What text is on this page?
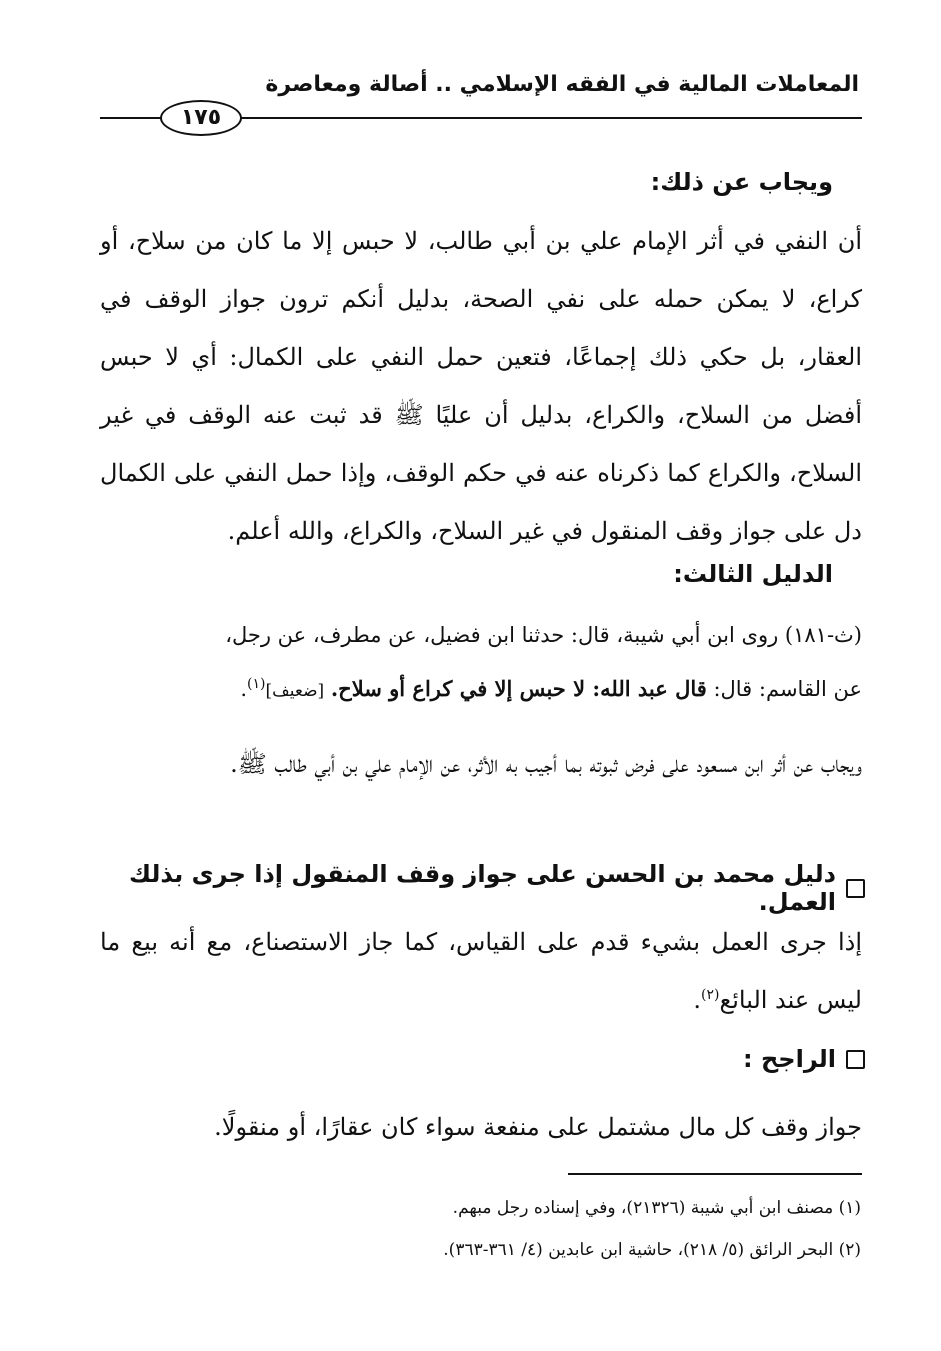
المعاملات المالية في الفقه الإسلامي .. أصالة ومعاصرة
١٧٥
ويجاب عن ذلك:
أن النفي في أثر الإمام علي بن أبي طالب، لا حبس إلا ما كان من سلاح، أو كراع، لا يمكن حمله على نفي الصحة، بدليل أنكم ترون جواز الوقف في العقار، بل حكي ذلك إجماعًا، فتعين حمل النفي على الكمال: أي لا حبس أفضل من السلاح، والكراع، بدليل أن عليًا ﷺ قد ثبت عنه الوقف في غير السلاح، والكراع كما ذكرناه عنه في حكم الوقف، وإذا حمل النفي على الكمال دل على جواز وقف المنقول في غير السلاح، والكراع، والله أعلم.
الدليل الثالث:
(ث-١٨١) روى ابن أبي شيبة، قال: حدثنا ابن فضيل، عن مطرف، عن رجل،
عن القاسم: قال: قال عبد الله: لا حبس إلا في كراع أو سلاح. [ضعيف]$^{(١)}$.
ويجاب عن أثر ابن مسعود على فرض ثبوته بما أجيب به الأثر، عن الإمام علي بن أبي طالب ﷺ.
دليل محمد بن الحسن على جواز وقف المنقول إذا جرى بذلك العمل.
إذا جرى العمل بشيء قدم على القياس، كما جاز الاستصناع، مع أنه بيع ما ليس عند البائع$^{(٢)}$.
الراجح :
جواز وقف كل مال مشتمل على منفعة سواء كان عقارًا، أو منقولًا.
(١) مصنف ابن أبي شيبة (٢١٣٢٦)، وفي إسناده رجل مبهم.
(٢) البحر الرائق (٥/ ٢١٨)، حاشية ابن عابدين (٤/ ٣٦١-٣٦٣).
